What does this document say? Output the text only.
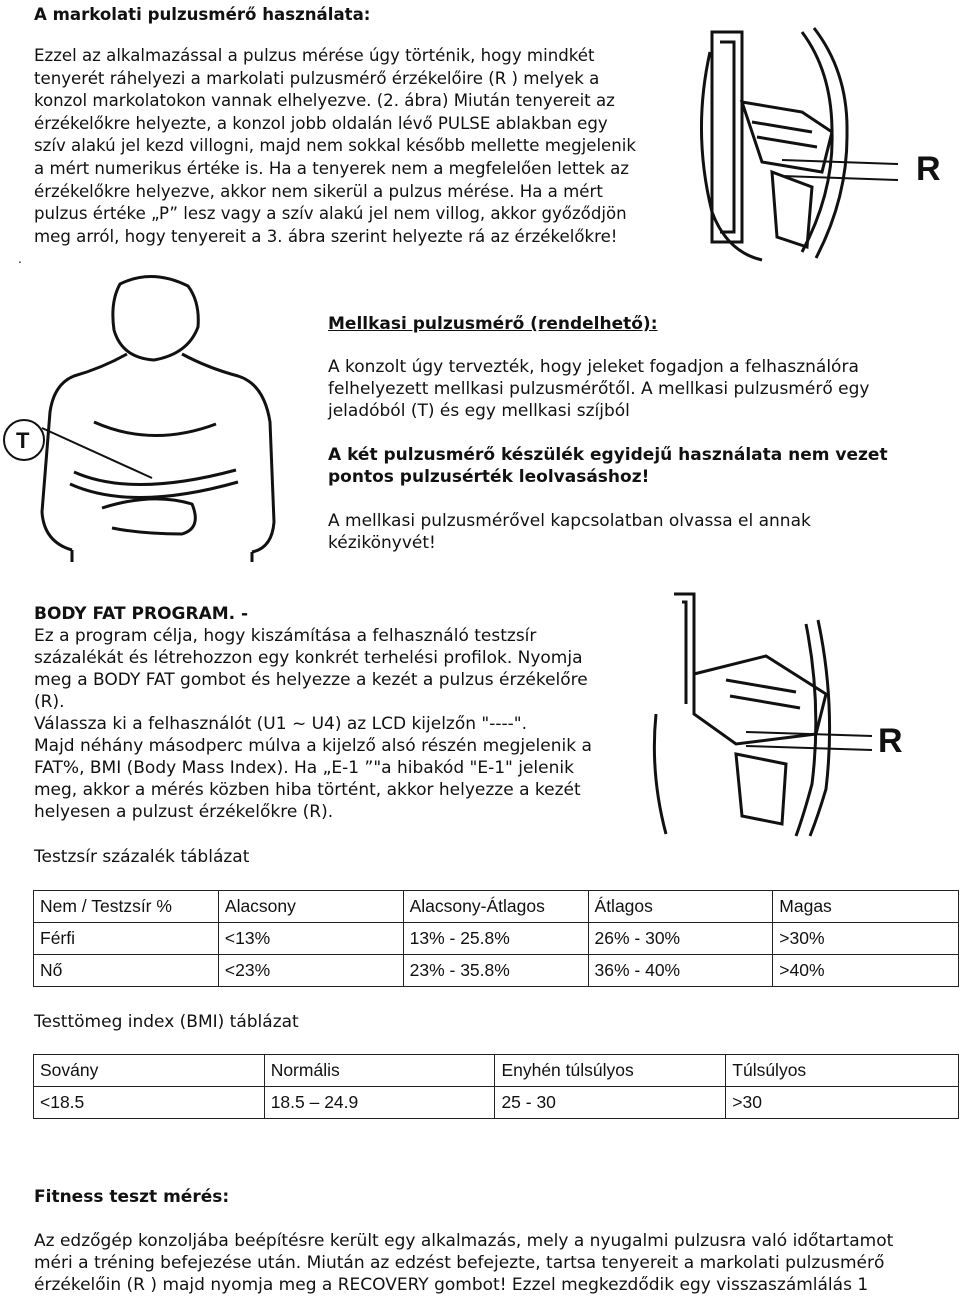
A markolati pulzusmérő használata:
Ezzel az alkalmazással a pulzus mérése úgy történik, hogy mindkét
tenyerét ráhelyezi a markolati pulzusmérő érzékelőire (R ) melyek a
konzol markolatokon vannak elhelyezve. (2. ábra) Miután tenyereit az
érzékelőkre helyezte, a konzol jobb oldalán lévő PULSE ablakban egy
szív alakú jel kezd villogni, majd nem sokkal később mellette megjelenik
a mért numerikus értéke is. Ha a tenyerek nem a megfelelően lettek az
érzékelőkre helyezve, akkor nem sikerül a pulzus mérése. Ha a mért
pulzus értéke „P” lesz vagy a szív alakú jel nem villog, akkor győződjön
meg arról, hogy tenyereit a 3. ábra szerint helyezte rá az érzékelőkre!
.
R
T
Mellkasi pulzusmérő (rendelhető):
A konzolt úgy tervezték, hogy jeleket fogadjon a felhasználóra
felhelyezett mellkasi pulzusmérőtől. A mellkasi pulzusmérő egy
jeladóból (T) és egy mellkasi szíjból
A két pulzusmérő készülék egyidejű használata nem vezet
pontos pulzusérték leolvasáshoz!
A mellkasi pulzusmérővel kapcsolatban olvassa el annak
kézikönyvét!
BODY FAT PROGRAM. -
Ez a program célja, hogy kiszámítása a felhasználó testzsír
százalékát és létrehozzon egy konkrét terhelési profilok. Nyomja
meg a BODY FAT gombot és helyezze a kezét a pulzus érzékelőre
(R).
Válassza ki a felhasználót (U1 ~ U4) az LCD kijelzőn "----".
Majd néhány másodperc múlva a kijelző alsó részén megjelenik a
FAT%, BMI (Body Mass Index). Ha „E-1 ”"a hibakód "E-1" jelenik
meg, akkor a mérés közben hiba történt, akkor helyezze a kezét
helyesen a pulzust érzékelőkre (R).
R
Testzsír százalék táblázat
Nem / Testzsír %	Alacsony	Alacsony-Átlagos	Átlagos	Magas
Férfi	<13%	13% - 25.8%	26% - 30%	>30%
Nő	<23%	23% - 35.8%	36% - 40%	>40%
Testtömeg index (BMI) táblázat
Sovány	Normális	Enyhén túlsúlyos	Túlsúlyos
<18.5	18.5 – 24.9	25 - 30	>30
Fitness teszt mérés:
Az edzőgép konzoljába beépítésre került egy alkalmazás, mely a nyugalmi pulzusra való időtartamot
méri a tréning befejezése után. Miután az edzést befejezte, tartsa tenyereit a markolati pulzusmérő
érzékelőin (R ) majd nyomja meg a RECOVERY gombot! Ezzel megkezdődik egy visszaszámlálás 1
